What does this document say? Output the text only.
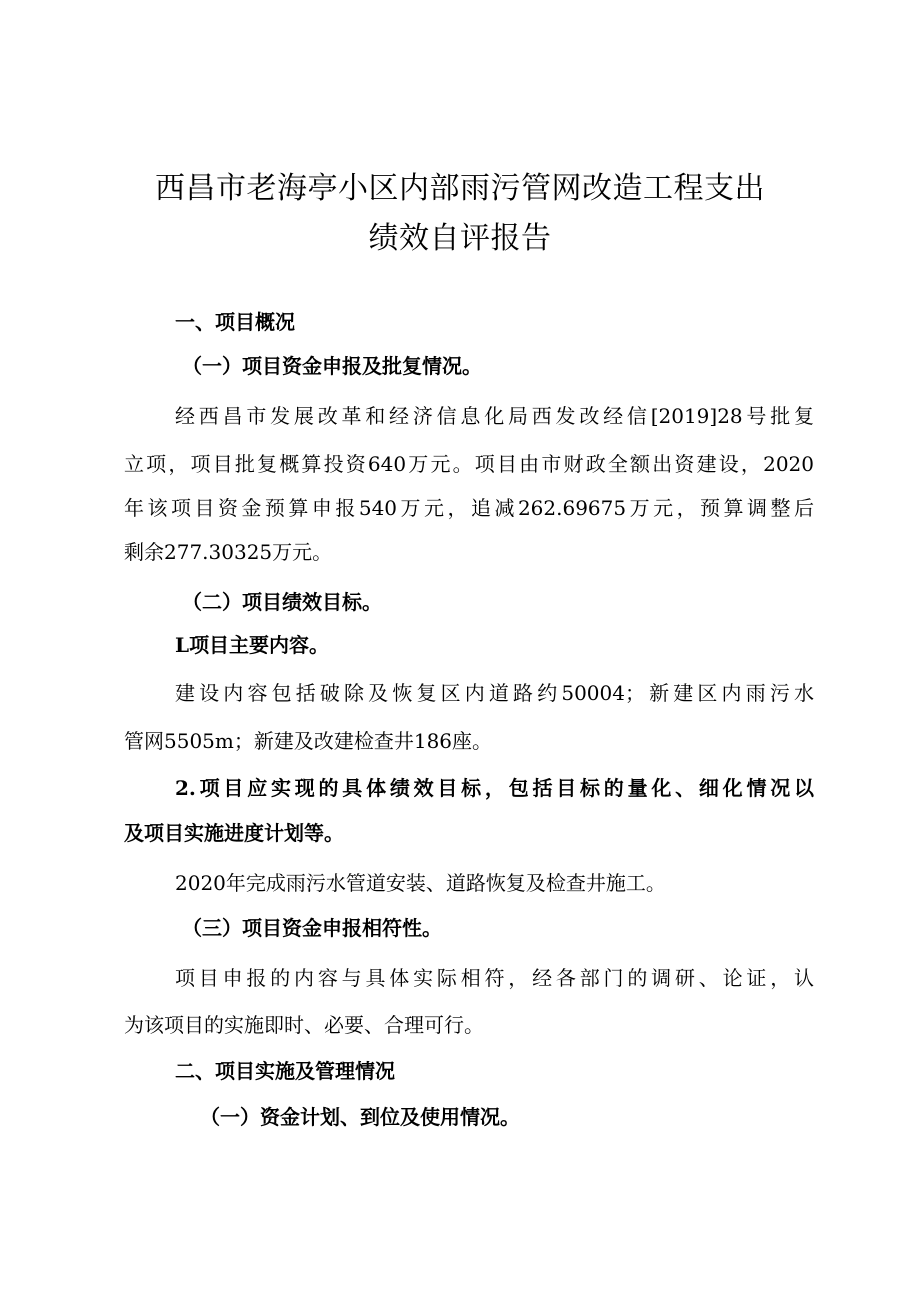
西昌市老海亭小区内部雨污管网改造工程支出
绩效自评报告
一、项目概况
（一）项目资金申报及批复情况。
经西昌市发展改革和经济信息化局西发改经信[2019]28号批复
立项，项目批复概算投资640万元。项目由市财政全额出资建设，2020
年该项目资金预算申报540万元，追减262.69675万元，预算调整后
剩余277.30325万元。
（二）项目绩效目标。
L项目主要内容。
建设内容包括破除及恢复区内道路约50004；新建区内雨污水
管网5505m；新建及改建检查井186座。
2.项目应实现的具体绩效目标，包括目标的量化、细化情况以
及项目实施进度计划等。
2020年完成雨污水管道安装、道路恢复及检查井施工。
（三）项目资金申报相符性。
项目申报的内容与具体实际相符，经各部门的调研、论证，认
为该项目的实施即时、必要、合理可行。
二、项目实施及管理情况
（一）资金计划、到位及使用情况。
